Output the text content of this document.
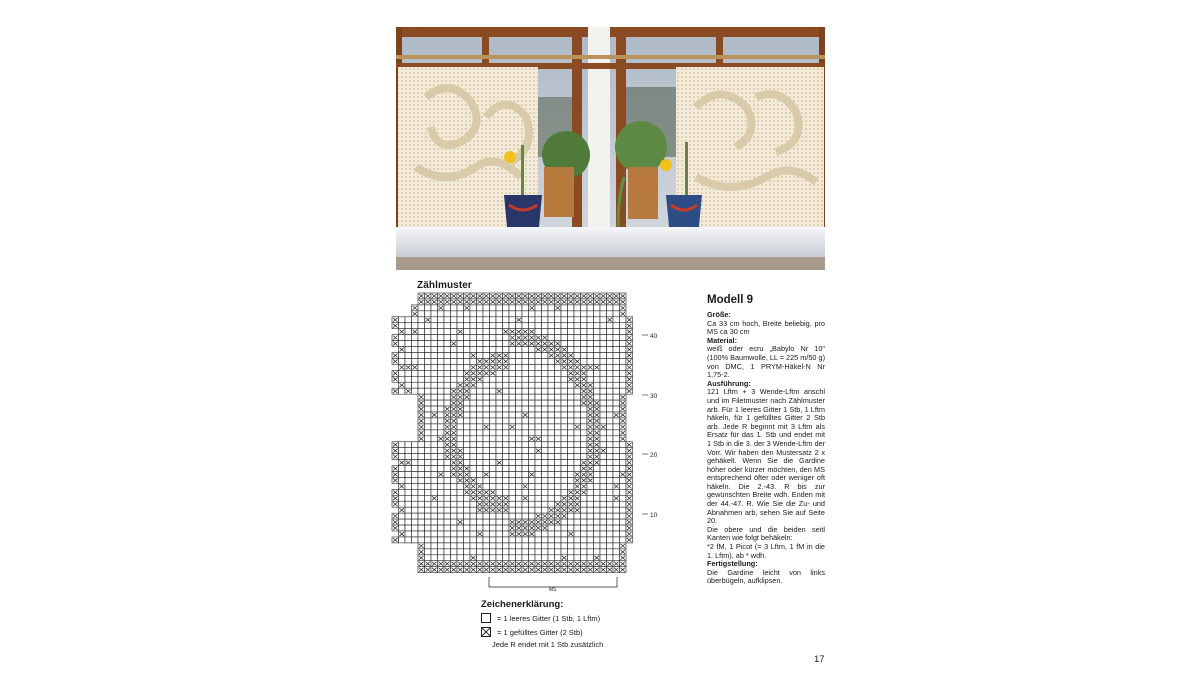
Zählmuster
10
20
30
40
MS
Zeichenerklärung:
= 1 leeres Gitter (1 Stb, 1 Lftm)
= 1 gefülltes Gitter (2 Stb)
Jede R endet mit 1 Stb zusätzlich
Modell 9
Größe:
Ca 33 cm hoch, Breite beliebig, pro MS ca 30 cm
Material:
weiß oder ecru „Babylo Nr 10" (100% Baumwolle, LL = 225 m/50 g) von DMC, 1 PRYM-Häkel-N Nr 1,75-2.
Ausführung:
121 Lftm + 3 Wende-Lftm anschl und im Filetmuster nach Zählmuster arb. Für 1 leeres Gitter 1 Stb, 1 Lftm häkeln, für 1 gefülltes Gitter 2 Stb arb. Jede R beginnt mit 3 Lftm als Ersatz für das 1. Stb und endet mit 1 Stb in die 3. der 3 Wende-Lftm der Vorr. Wir haben den Mustersatz 2 x gehäkelt. Wenn Sie die Gardine höher oder kürzer möchten, den MS entsprechend öfter oder weniger oft häkeln. Die 2.-43. R bis zur gewünschten Breite wdh. Enden mit der 44.-47. R. Wie Sie die Zu- und Abnahmen arb, sehen Sie auf Seite 20.
Die obere und die beiden seitl Kanten wie folgt behäkeln:
*2 fM, 1 Picot (= 3 Lftm, 1 fM in die 1. Lftm), ab * wdh.
Fertigstellung:
Die Gardine leicht von links überbügeln, aufklipsen.
17
